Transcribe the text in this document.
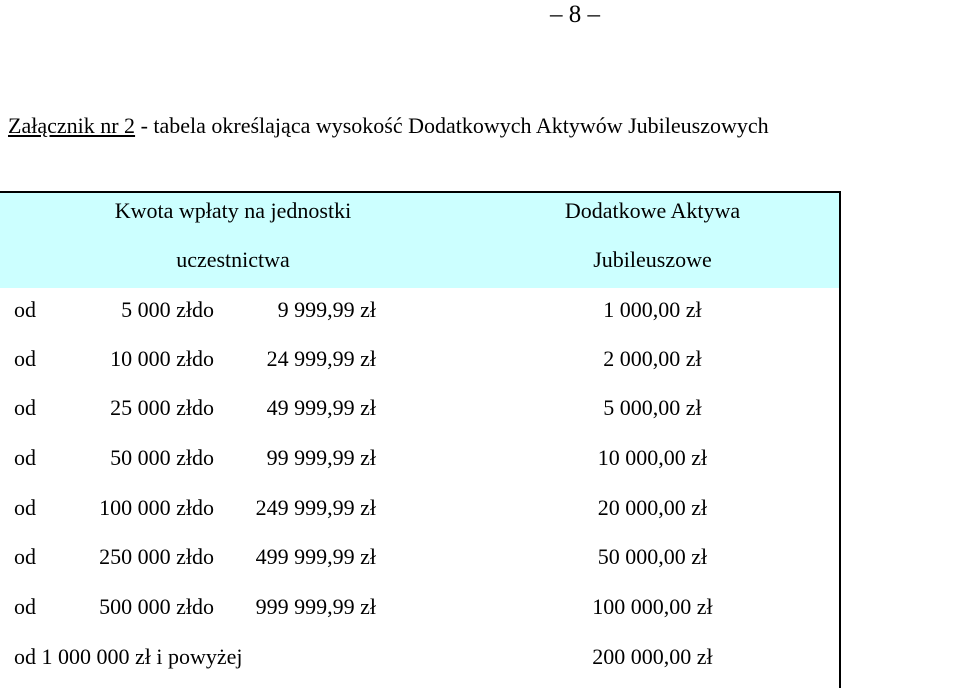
– 8 –
Załącznik nr 2 - tabela określająca wysokość Dodatkowych Aktywów Jubileuszowych
Kwota wpłaty na jednostki
uczestnictwa
Dodatkowe Aktywa
Jubileuszowe
od	5 000 zł do	9 999,99 zł	1 000,00 zł
od	10 000 zł do	24 999,99 zł	2 000,00 zł
od	25 000 zł do	49 999,99 zł	5 000,00 zł
od	50 000 zł do	99 999,99 zł	10 000,00 zł
od	100 000 zł do	249 999,99 zł	20 000,00 zł
od	250 000 zł do	499 999,99 zł	50 000,00 zł
od	500 000 zł do	999 999,99 zł	100 000,00 zł
od 1 000 000 zł i powyżej	200 000,00 zł
